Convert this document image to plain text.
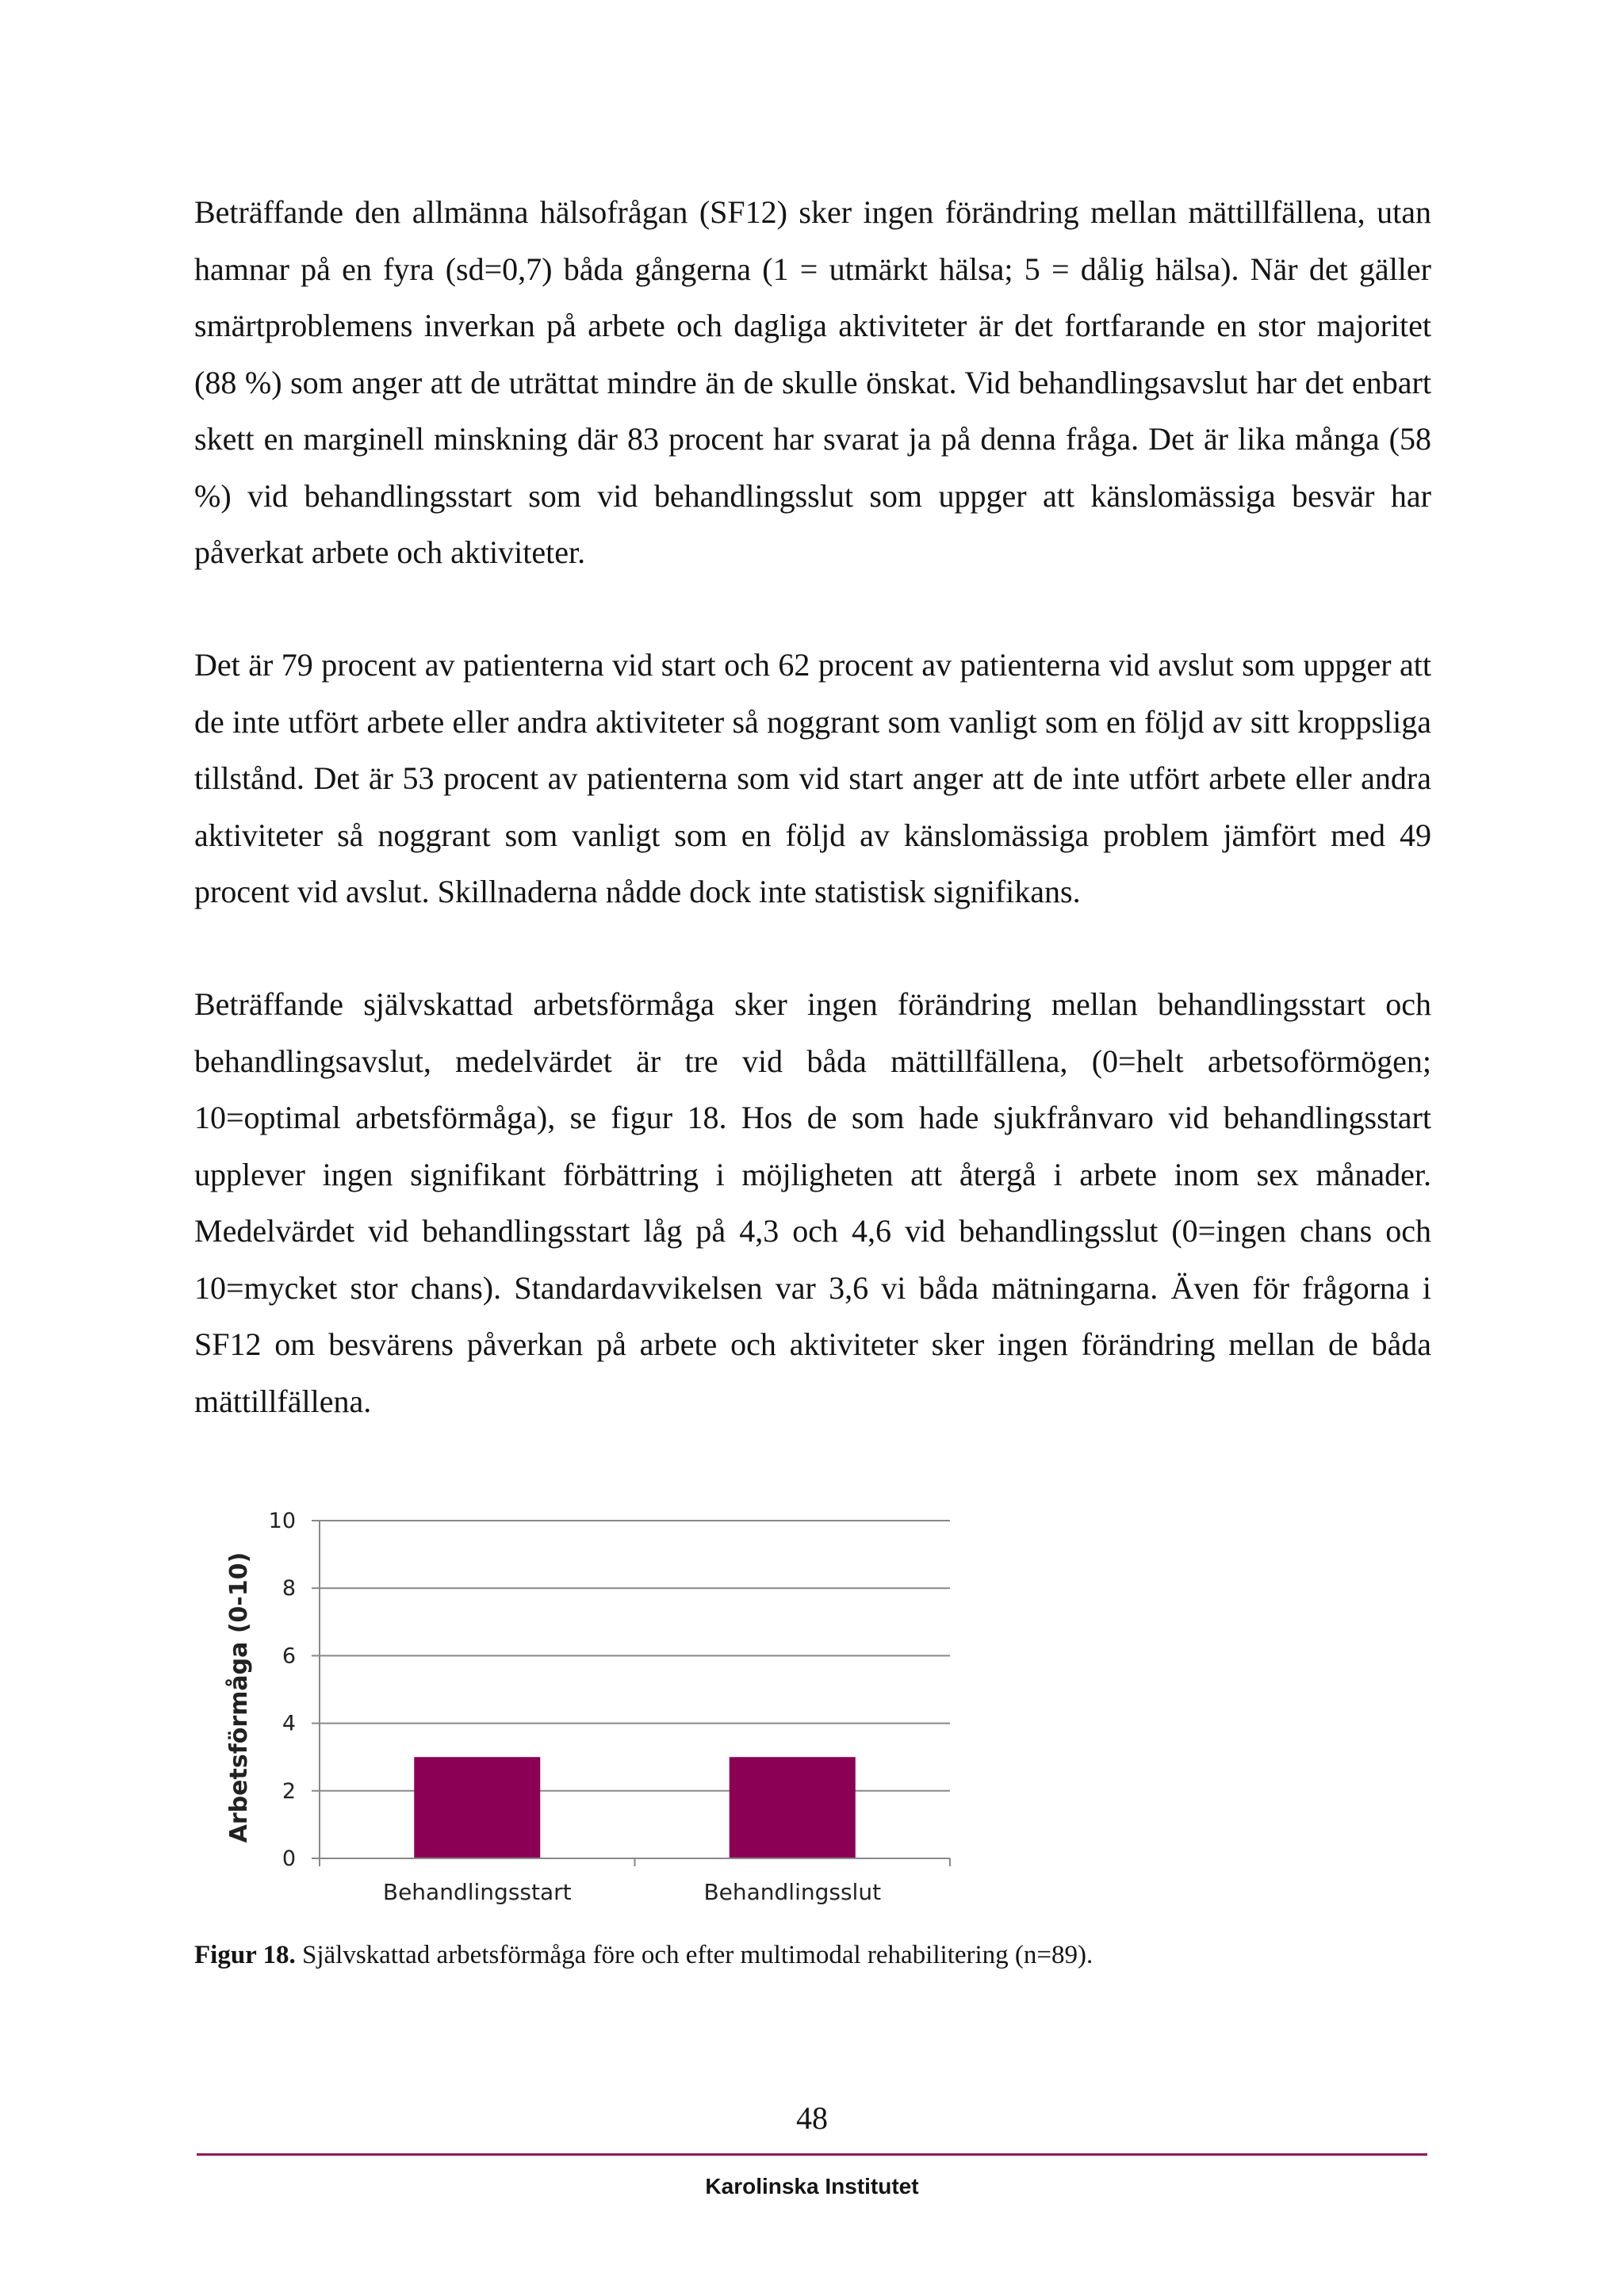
Beträffande den allmänna hälsofrågan (SF12) sker ingen förändring mellan mättillfällena, utan hamnar på en fyra (sd=0,7) båda gångerna (1 = utmärkt hälsa; 5 = dålig hälsa). När det gäller smärtproblemens inverkan på arbete och dagliga aktiviteter är det fortfarande en stor majoritet (88 %) som anger att de uträttat mindre än de skulle önskat. Vid behandlingsavslut har det enbart skett en marginell minskning där 83 procent har svarat ja på denna fråga. Det är lika många (58 %) vid behandlingsstart som vid behandlingsslut som uppger att känslomässiga besvär har påverkat arbete och aktiviteter.

Det är 79 procent av patienterna vid start och 62 procent av patienterna vid avslut som uppger att de inte utfört arbete eller andra aktiviteter så noggrant som vanligt som en följd av sitt kroppsliga tillstånd. Det är 53 procent av patienterna som vid start anger att de inte utfört arbete eller andra aktiviteter så noggrant som vanligt som en följd av känslomässiga problem jämfört med 49 procent vid avslut. Skillnaderna nådde dock inte statistisk signifikans.

Beträffande självskattad arbetsförmåga sker ingen förändring mellan behandlingsstart och behandlingsavslut, medelvärdet är tre vid båda mättillfällena, (0=helt arbetsoförmögen; 10=optimal arbetsförmåga), se figur 18. Hos de som hade sjukfrånvaro vid behandlingsstart upplever ingen signifikant förbättring i möjligheten att återgå i arbete inom sex månader. Medelvärdet vid behandlingsstart låg på 4,3 och 4,6 vid behandlingsslut (0=ingen chans och 10=mycket stor chans). Standardavvikelsen var 3,6 vi båda mätningarna. Även för frågorna i SF12 om besvärens påverkan på arbete och aktiviteter sker ingen förändring mellan de båda mättillfällena.

0
2
4
6
8
10
Behandlingsstart	Behandlingsslut
Arbetsförmåga (0-10)

Figur 18. Självskattad arbetsförmåga före och efter multimodal rehabilitering (n=89).

48
Karolinska Institutet
